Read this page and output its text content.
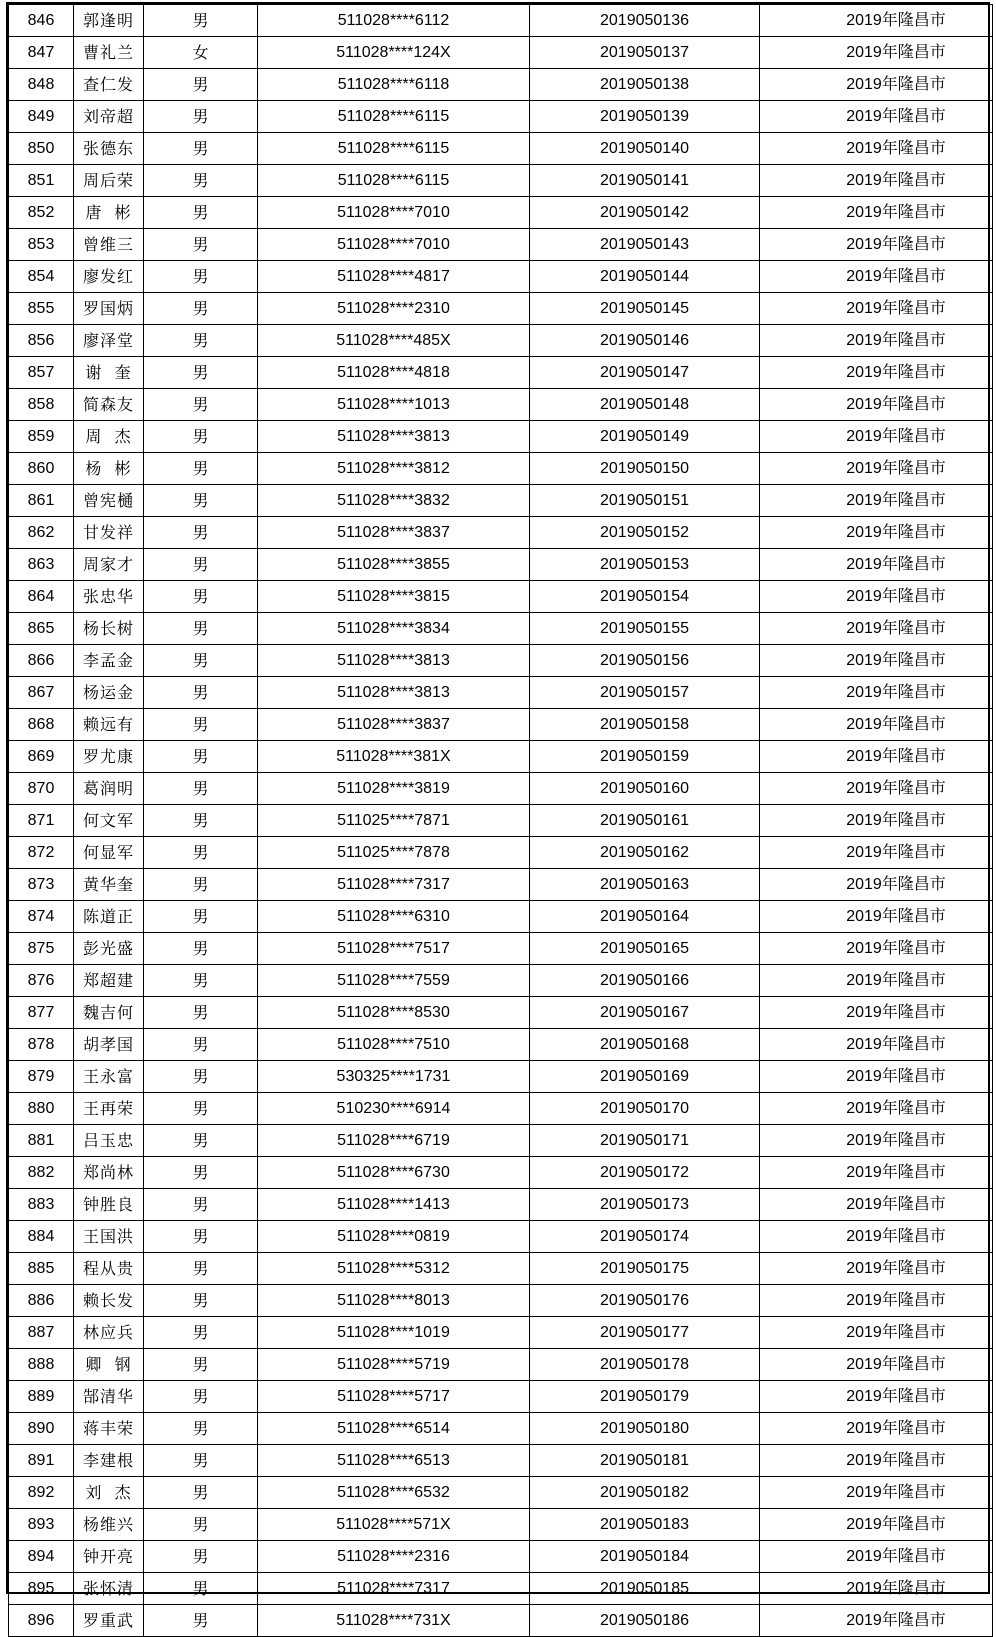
846	郭逢明	男	511028****6112	2019050136	2019年隆昌市
847	曹礼兰	女	511028****124X	2019050137	2019年隆昌市
848	查仁发	男	511028****6118	2019050138	2019年隆昌市
849	刘帝超	男	511028****6115	2019050139	2019年隆昌市
850	张德东	男	511028****6115	2019050140	2019年隆昌市
851	周后荣	男	511028****6115	2019050141	2019年隆昌市
852	唐  彬	男	511028****7010	2019050142	2019年隆昌市
853	曾维三	男	511028****7010	2019050143	2019年隆昌市
854	廖发红	男	511028****4817	2019050144	2019年隆昌市
855	罗国炳	男	511028****2310	2019050145	2019年隆昌市
856	廖泽堂	男	511028****485X	2019050146	2019年隆昌市
857	谢  奎	男	511028****4818	2019050147	2019年隆昌市
858	简森友	男	511028****1013	2019050148	2019年隆昌市
859	周  杰	男	511028****3813	2019050149	2019年隆昌市
860	杨  彬	男	511028****3812	2019050150	2019年隆昌市
861	曾宪樋	男	511028****3832	2019050151	2019年隆昌市
862	甘发祥	男	511028****3837	2019050152	2019年隆昌市
863	周家才	男	511028****3855	2019050153	2019年隆昌市
864	张忠华	男	511028****3815	2019050154	2019年隆昌市
865	杨长树	男	511028****3834	2019050155	2019年隆昌市
866	李孟金	男	511028****3813	2019050156	2019年隆昌市
867	杨运金	男	511028****3813	2019050157	2019年隆昌市
868	赖远有	男	511028****3837	2019050158	2019年隆昌市
869	罗尤康	男	511028****381X	2019050159	2019年隆昌市
870	葛润明	男	511028****3819	2019050160	2019年隆昌市
871	何文军	男	511025****7871	2019050161	2019年隆昌市
872	何显军	男	511025****7878	2019050162	2019年隆昌市
873	黄华奎	男	511028****7317	2019050163	2019年隆昌市
874	陈道正	男	511028****6310	2019050164	2019年隆昌市
875	彭光盛	男	511028****7517	2019050165	2019年隆昌市
876	郑超建	男	511028****7559	2019050166	2019年隆昌市
877	魏吉何	男	511028****8530	2019050167	2019年隆昌市
878	胡孝国	男	511028****7510	2019050168	2019年隆昌市
879	王永富	男	530325****1731	2019050169	2019年隆昌市
880	王再荣	男	510230****6914	2019050170	2019年隆昌市
881	吕玉忠	男	511028****6719	2019050171	2019年隆昌市
882	郑尚林	男	511028****6730	2019050172	2019年隆昌市
883	钟胜良	男	511028****1413	2019050173	2019年隆昌市
884	王国洪	男	511028****0819	2019050174	2019年隆昌市
885	程从贵	男	511028****5312	2019050175	2019年隆昌市
886	赖长发	男	511028****8013	2019050176	2019年隆昌市
887	林应兵	男	511028****1019	2019050177	2019年隆昌市
888	卿  钢	男	511028****5719	2019050178	2019年隆昌市
889	郜清华	男	511028****5717	2019050179	2019年隆昌市
890	蒋丰荣	男	511028****6514	2019050180	2019年隆昌市
891	李建根	男	511028****6513	2019050181	2019年隆昌市
892	刘  杰	男	511028****6532	2019050182	2019年隆昌市
893	杨维兴	男	511028****571X	2019050183	2019年隆昌市
894	钟开亮	男	511028****2316	2019050184	2019年隆昌市
895	张怀清	男	511028****7317	2019050185	2019年隆昌市
896	罗重武	男	511028****731X	2019050186	2019年隆昌市
